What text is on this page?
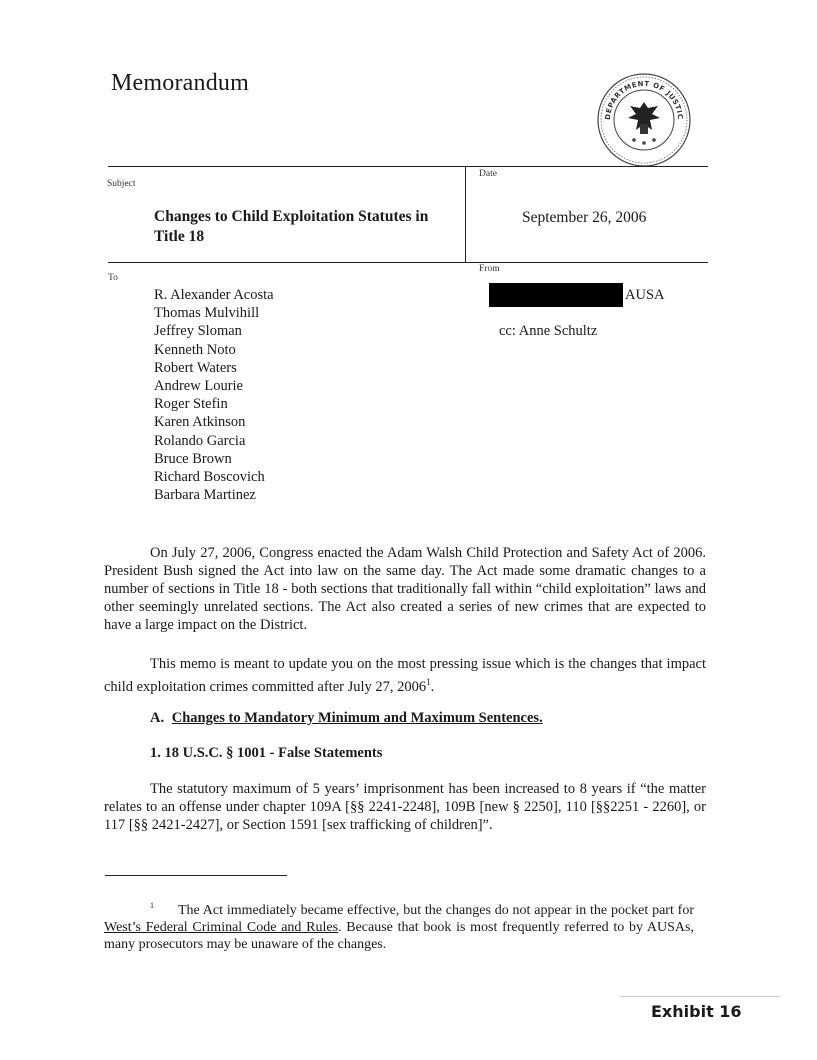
Memorandum
DEPARTMENT OF JUSTIC
Subject
Date
To
From
Changes to Child Exploitation Statutes in
Title 18
September 26, 2006
R. Alexander Acosta
Thomas Mulvihill
Jeffrey Sloman
Kenneth Noto
Robert Waters
Andrew Lourie
Roger Stefin
Karen Atkinson
Rolando Garcia
Bruce Brown
Richard Boscovich
Barbara Martinez
AUSA
cc: Anne Schultz

On July 27, 2006, Congress enacted the Adam Walsh Child Protection and Safety Act of 2006. President Bush signed the Act into law on the same day. The Act made some dramatic changes to a number of sections in Title 18 - both sections that traditionally fall within “child exploitation” laws and other seemingly unrelated sections. The Act also created a series of new crimes that are expected to have a large impact on the District.

This memo is meant to update you on the most pressing issue which is the changes that impact child exploitation crimes committed after July 27, 2006$^1$.

A. Changes to Mandatory Minimum and Maximum Sentences.
1. 18 U.S.C. § 1001 - False Statements

The statutory maximum of 5 years’ imprisonment has been increased to 8 years if “the matter relates to an offense under chapter 109A [§§ 2241-2248], 109B [new § 2250], 110 [§§2251 - 2260], or 117 [§§ 2421-2427], or Section 1591 [sex trafficking of children]”.

$^1$ The Act immediately became effective, but the changes do not appear in the pocket part for West’s Federal Criminal Code and Rules. Because that book is most frequently referred to by AUSAs, many prosecutors may be unaware of the changes.

Exhibit 16
